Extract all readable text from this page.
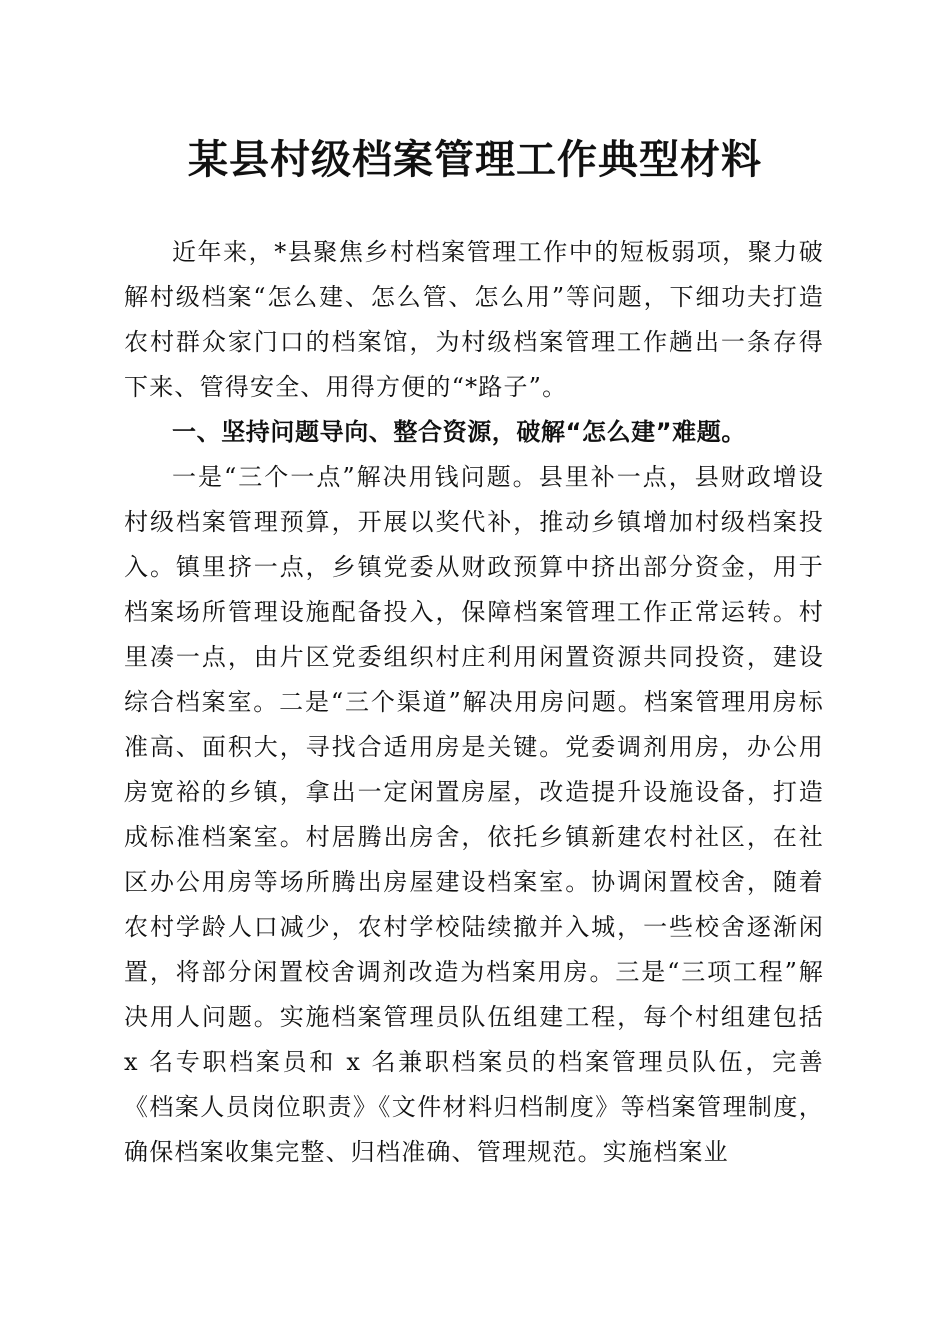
某县村级档案管理工作典型材料

近年来，*县聚焦乡村档案管理工作中的短板弱项，聚力破解村级档案“怎么建、怎么管、怎么用”等问题，下细功夫打造农村群众家门口的档案馆，为村级档案管理工作趟出一条存得下来、管得安全、用得方便的“*路子”。

一、坚持问题导向、整合资源，破解“怎么建”难题。

一是“三个一点”解决用钱问题。县里补一点，县财政增设村级档案管理预算，开展以奖代补，推动乡镇增加村级档案投入。镇里挤一点，乡镇党委从财政预算中挤出部分资金，用于档案场所管理设施配备投入，保障档案管理工作正常运转。村里凑一点，由片区党委组织村庄利用闲置资源共同投资，建设综合档案室。二是“三个渠道”解决用房问题。档案管理用房标准高、面积大，寻找合适用房是关键。党委调剂用房，办公用房宽裕的乡镇，拿出一定闲置房屋，改造提升设施设备，打造成标准档案室。村居腾出房舍，依托乡镇新建农村社区，在社区办公用房等场所腾出房屋建设档案室。协调闲置校舍，随着农村学龄人口减少，农村学校陆续撤并入城，一些校舍逐渐闲置，将部分闲置校舍调剂改造为档案用房。三是“三项工程”解决用人问题。实施档案管理员队伍组建工程，每个村组建包括 x 名专职档案员和 x 名兼职档案员的档案管理员队伍，完善《档案人员岗位职责》《文件材料归档制度》等档案管理制度，确保档案收集完整、归档准确、管理规范。实施档案业
